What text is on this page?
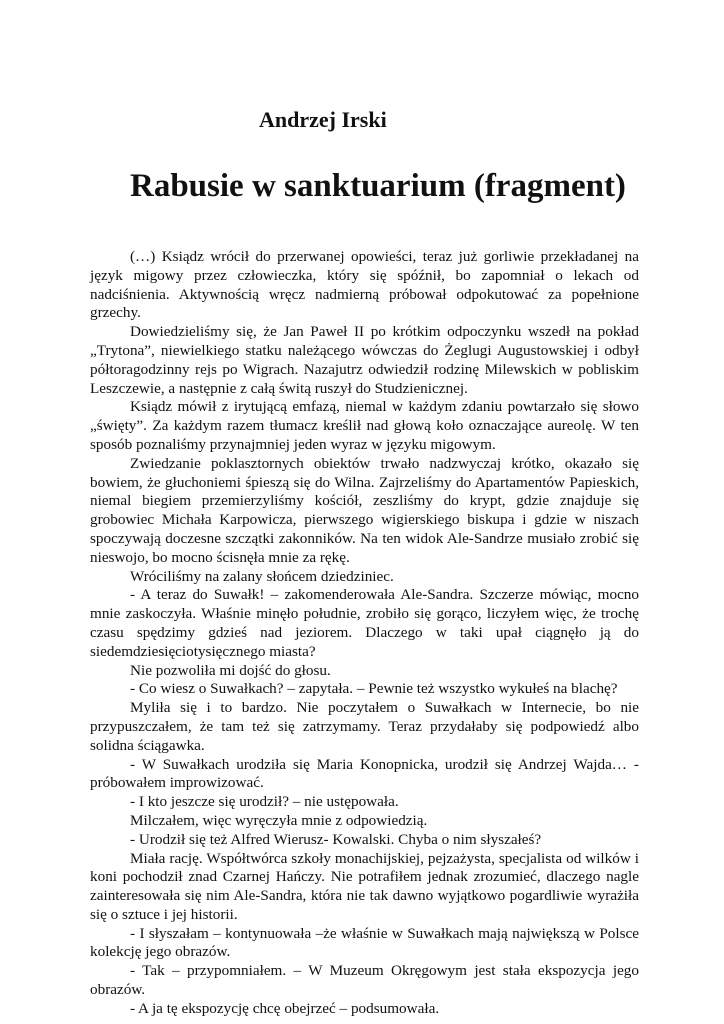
Andrzej Irski
Rabusie w sanktuarium (fragment)

(…) Ksiądz wrócił do przerwanej opowieści, teraz już gorliwie przekładanej na język migowy przez człowieczka, który się spóźnił, bo zapomniał o lekach od nadciśnienia. Aktywnością wręcz nadmierną próbował odpokutować za popełnione grzechy.

Dowiedzieliśmy się, że Jan Paweł II po krótkim odpoczynku wszedł na pokład „Trytona”, niewielkiego statku należącego wówczas do Żeglugi Augustowskiej i odbył półtoragodzinny rejs po Wigrach. Nazajutrz odwiedził rodzinę Milewskich w pobliskim Leszczewie, a następnie z całą świtą ruszył do Studzienicznej.

Ksiądz mówił z irytującą emfazą, niemal w każdym zdaniu powtarzało się słowo „święty”. Za każdym razem tłumacz kreślił nad głową koło oznaczające aureolę. W ten sposób poznaliśmy przynajmniej jeden wyraz w języku migowym.

Zwiedzanie poklasztornych obiektów trwało nadzwyczaj krótko, okazało się bowiem, że głuchoniemi śpieszą się do Wilna. Zajrzeliśmy do Apartamentów Papieskich, niemal biegiem przemierzyliśmy kościół, zeszliśmy do krypt, gdzie znajduje się grobowiec Michała Karpowicza, pierwszego wigierskiego biskupa i gdzie w niszach spoczywają doczesne szczątki zakonników. Na ten widok Ale-Sandrze musiało zrobić się nieswojo, bo mocno ścisnęła mnie za rękę.

Wróciliśmy na zalany słońcem dziedziniec.

- A teraz do Suwałk! – zakomenderowała Ale-Sandra. Szczerze mówiąc, mocno mnie zaskoczyła. Właśnie minęło południe, zrobiło się gorąco, liczyłem więc, że trochę czasu spędzimy gdzieś nad jeziorem. Dlaczego w taki upał ciągnęło ją do siedemdziesięciotysięcznego miasta?

Nie pozwoliła mi dojść do głosu.

- Co wiesz o Suwałkach? – zapytała. – Pewnie też wszystko wykułeś na blachę?

Myliła się i to bardzo. Nie poczytałem o Suwałkach w Internecie, bo nie przypuszczałem, że tam też się zatrzymamy. Teraz przydałaby się podpowiedź albo solidna ściągawka.

- W Suwałkach urodziła się Maria Konopnicka, urodził się Andrzej Wajda… - próbowałem improwizować.

- I kto jeszcze się urodził? – nie ustępowała.

Milczałem, więc wyręczyła mnie z odpowiedzią.

- Urodził się też Alfred Wierusz- Kowalski. Chyba o nim słyszałeś?

Miała rację. Współtwórca szkoły monachijskiej, pejzażysta, specjalista od wilków i koni pochodził znad Czarnej Hańczy. Nie potrafiłem jednak zrozumieć, dlaczego nagle zainteresowała się nim Ale-Sandra, która nie tak dawno wyjątkowo pogardliwie wyrażiła się o sztuce i jej historii.

- I słyszałam – kontynuowała –że właśnie w Suwałkach mają największą w Polsce kolekcję jego obrazów.

- Tak – przypomniałem. – W Muzeum Okręgowym jest stała ekspozycja jego obrazów.

- A ja tę ekspozycję chcę obejrzeć – podsumowała.
